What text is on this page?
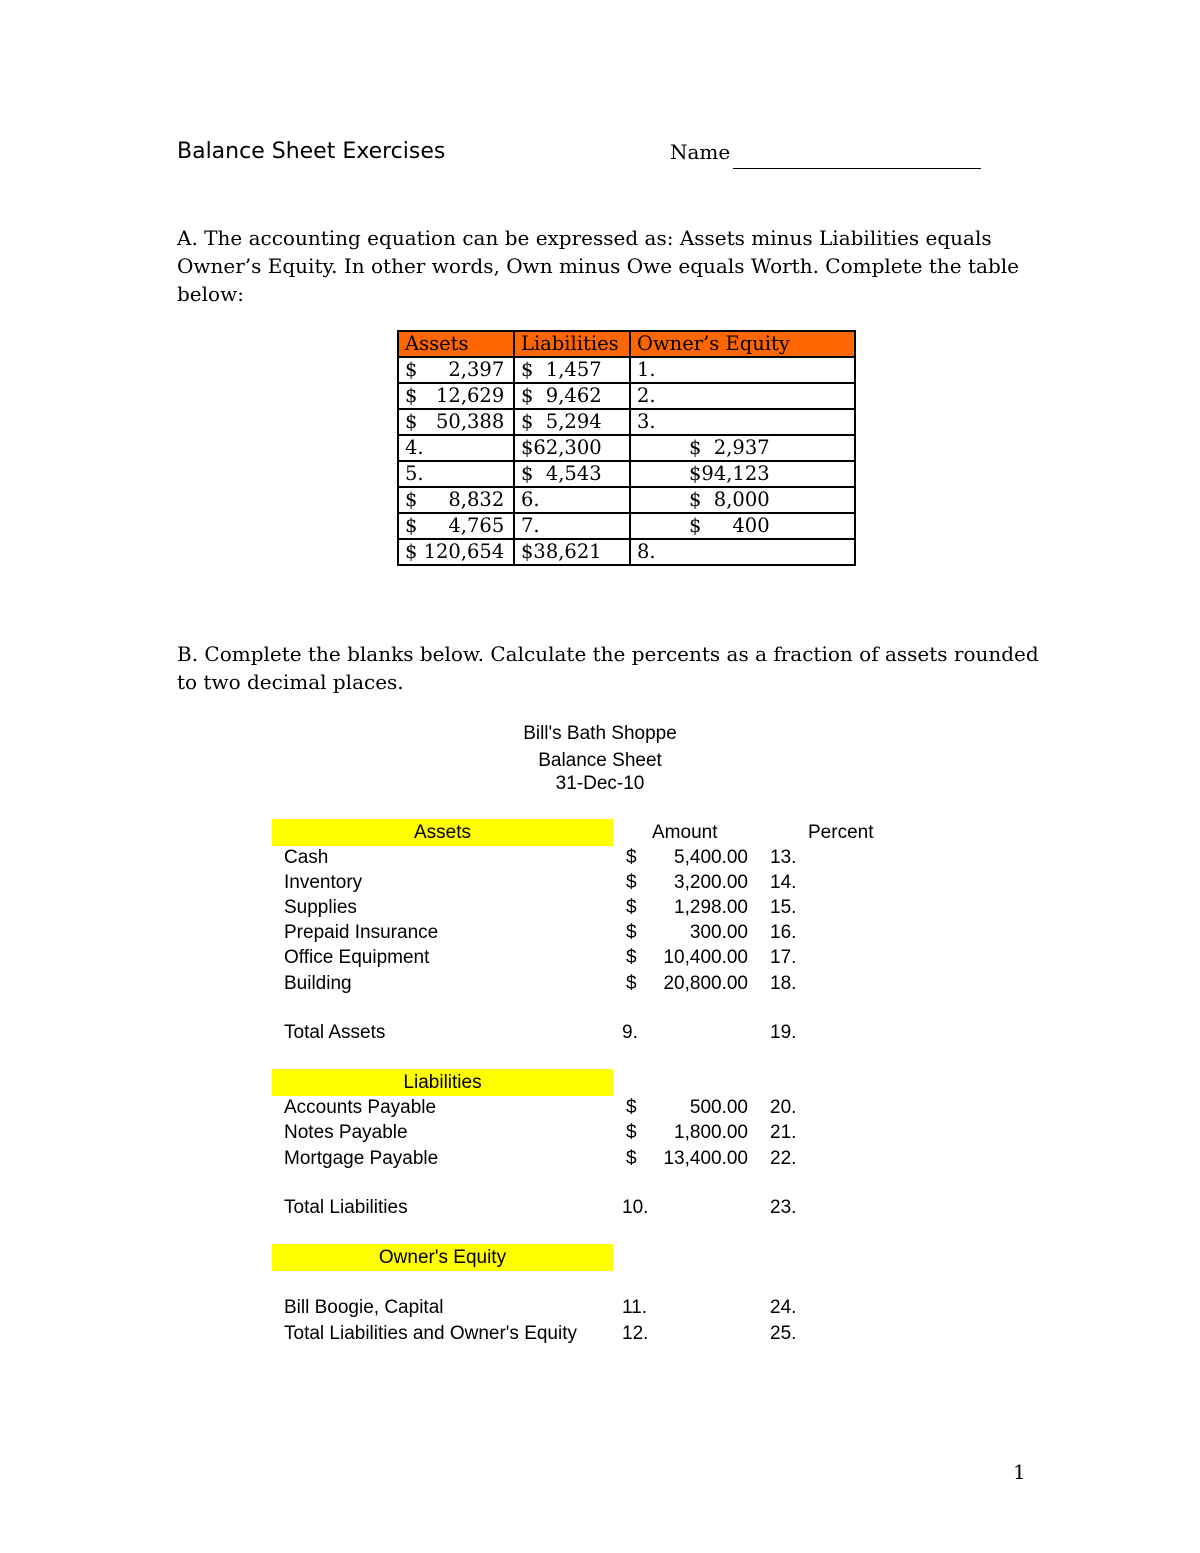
Balance Sheet Exercises	Name
A. The accounting equation can be expressed as: Assets minus Liabilities equals Owner’s Equity. In other words, Own minus Owe equals Worth. Complete the table below:
Assets	Liabilities	Owner’s Equity
$     2,397	$  1,457	1.
$   12,629	$  9,462	2.
$   50,388	$  5,294	3.
4.	$62,300	$  2,937
5.	$  4,543	$94,123
$     8,832	6.	$  8,000
$     4,765	7.	$     400
$ 120,654	$38,621	8.
B. Complete the blanks below. Calculate the percents as a fraction of assets rounded to two decimal places.
Bill's Bath Shoppe
Balance Sheet
31-Dec-10
Assets	Amount	Percent
Cash	$	5,400.00 13.
Inventory	$	3,200.00 14.
Supplies	$	1,298.00 15.
Prepaid Insurance	$	300.00 16.
Office Equipment	$	10,400.00 17.
Building	$	20,800.00 18.
Total Assets	9.	19.
Liabilities
Accounts Payable	$	500.00 20.
Notes Payable	$	1,800.00 21.
Mortgage Payable	$	13,400.00 22.
Total Liabilities	10.	23.
Owner's Equity
Bill Boogie, Capital	11.	24.
Total Liabilities and Owner's Equity 12.	25.
1
